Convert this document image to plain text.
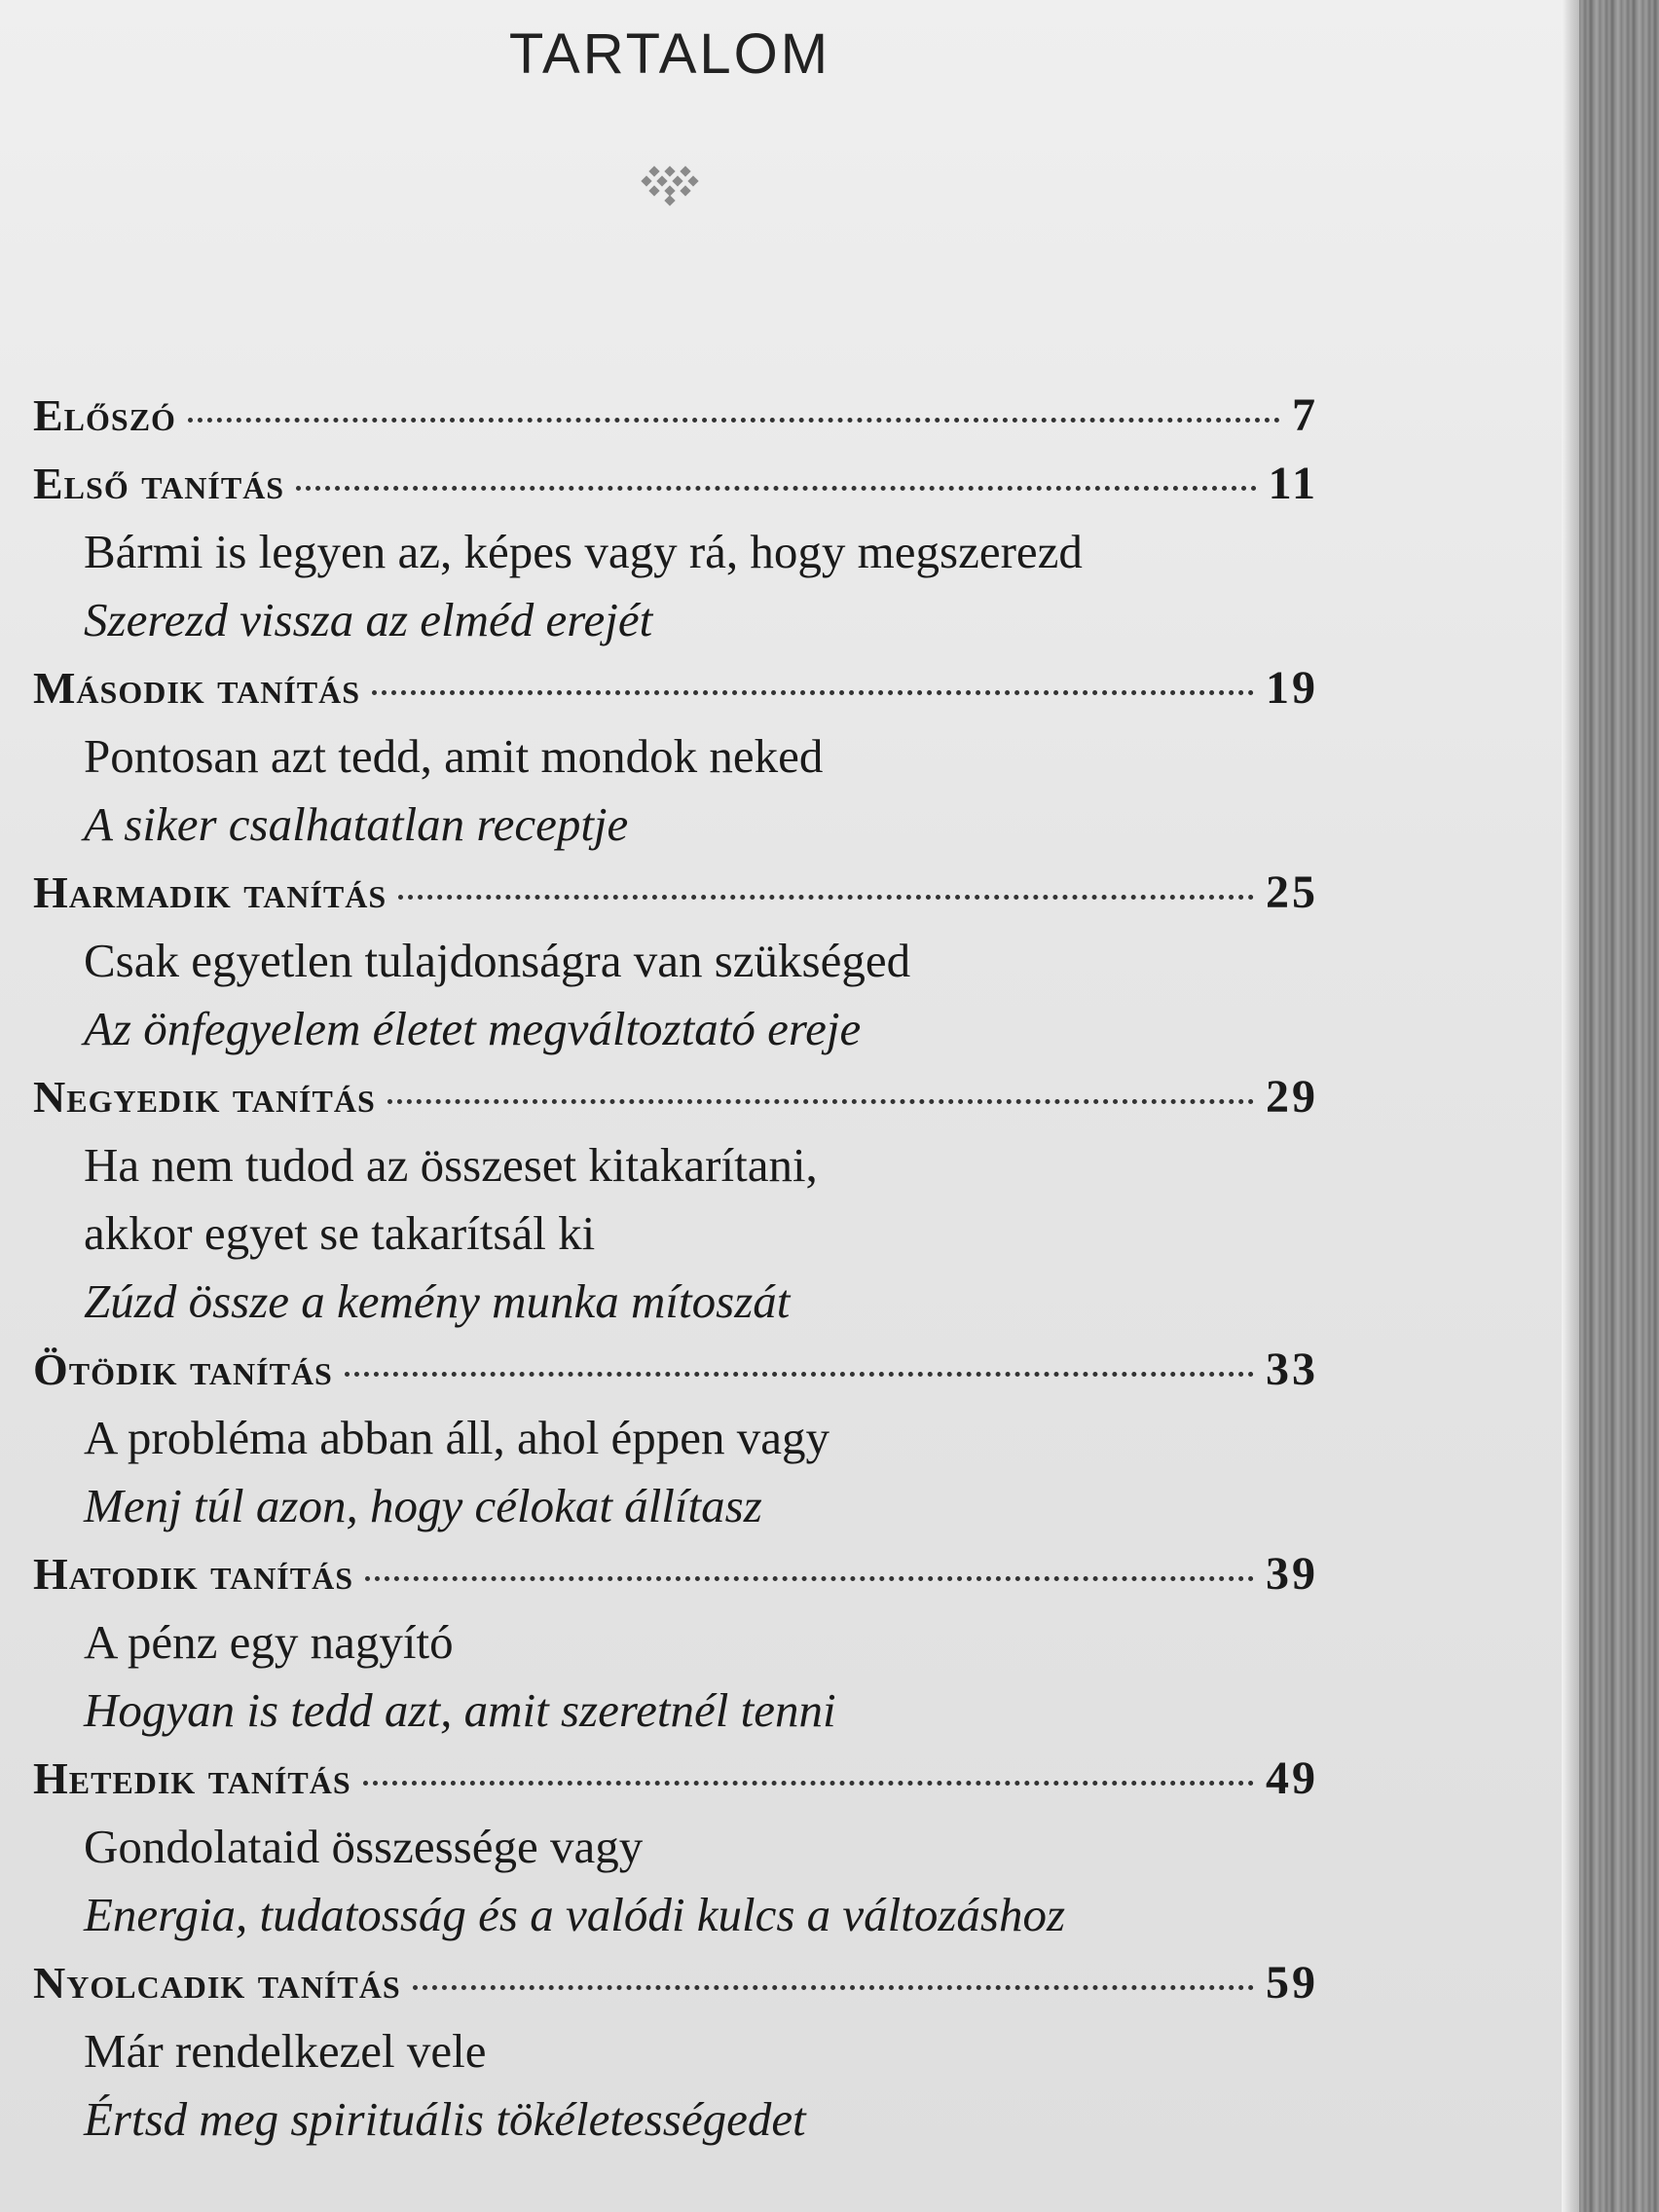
TARTALOM
Előszó	7
Első tanítás	11
Bármi is legyen az, képes vagy rá, hogy megszerezd
Szerezd vissza az elméd erejét
Második tanítás	19
Pontosan azt tedd, amit mondok neked
A siker csalhatatlan receptje
Harmadik tanítás	25
Csak egyetlen tulajdonságra van szükséged
Az önfegyelem életet megváltoztató ereje
Negyedik tanítás	29
Ha nem tudod az összeset kitakarítani,
akkor egyet se takarítsál ki
Zúzd össze a kemény munka mítoszát
Ötödik tanítás	33
A probléma abban áll, ahol éppen vagy
Menj túl azon, hogy célokat állítasz
Hatodik tanítás	39
A pénz egy nagyító
Hogyan is tedd azt, amit szeretnél tenni
Hetedik tanítás	49
Gondolataid összessége vagy
Energia, tudatosság és a valódi kulcs a változáshoz
Nyolcadik tanítás	59
Már rendelkezel vele
Értsd meg spirituális tökéletességedet
